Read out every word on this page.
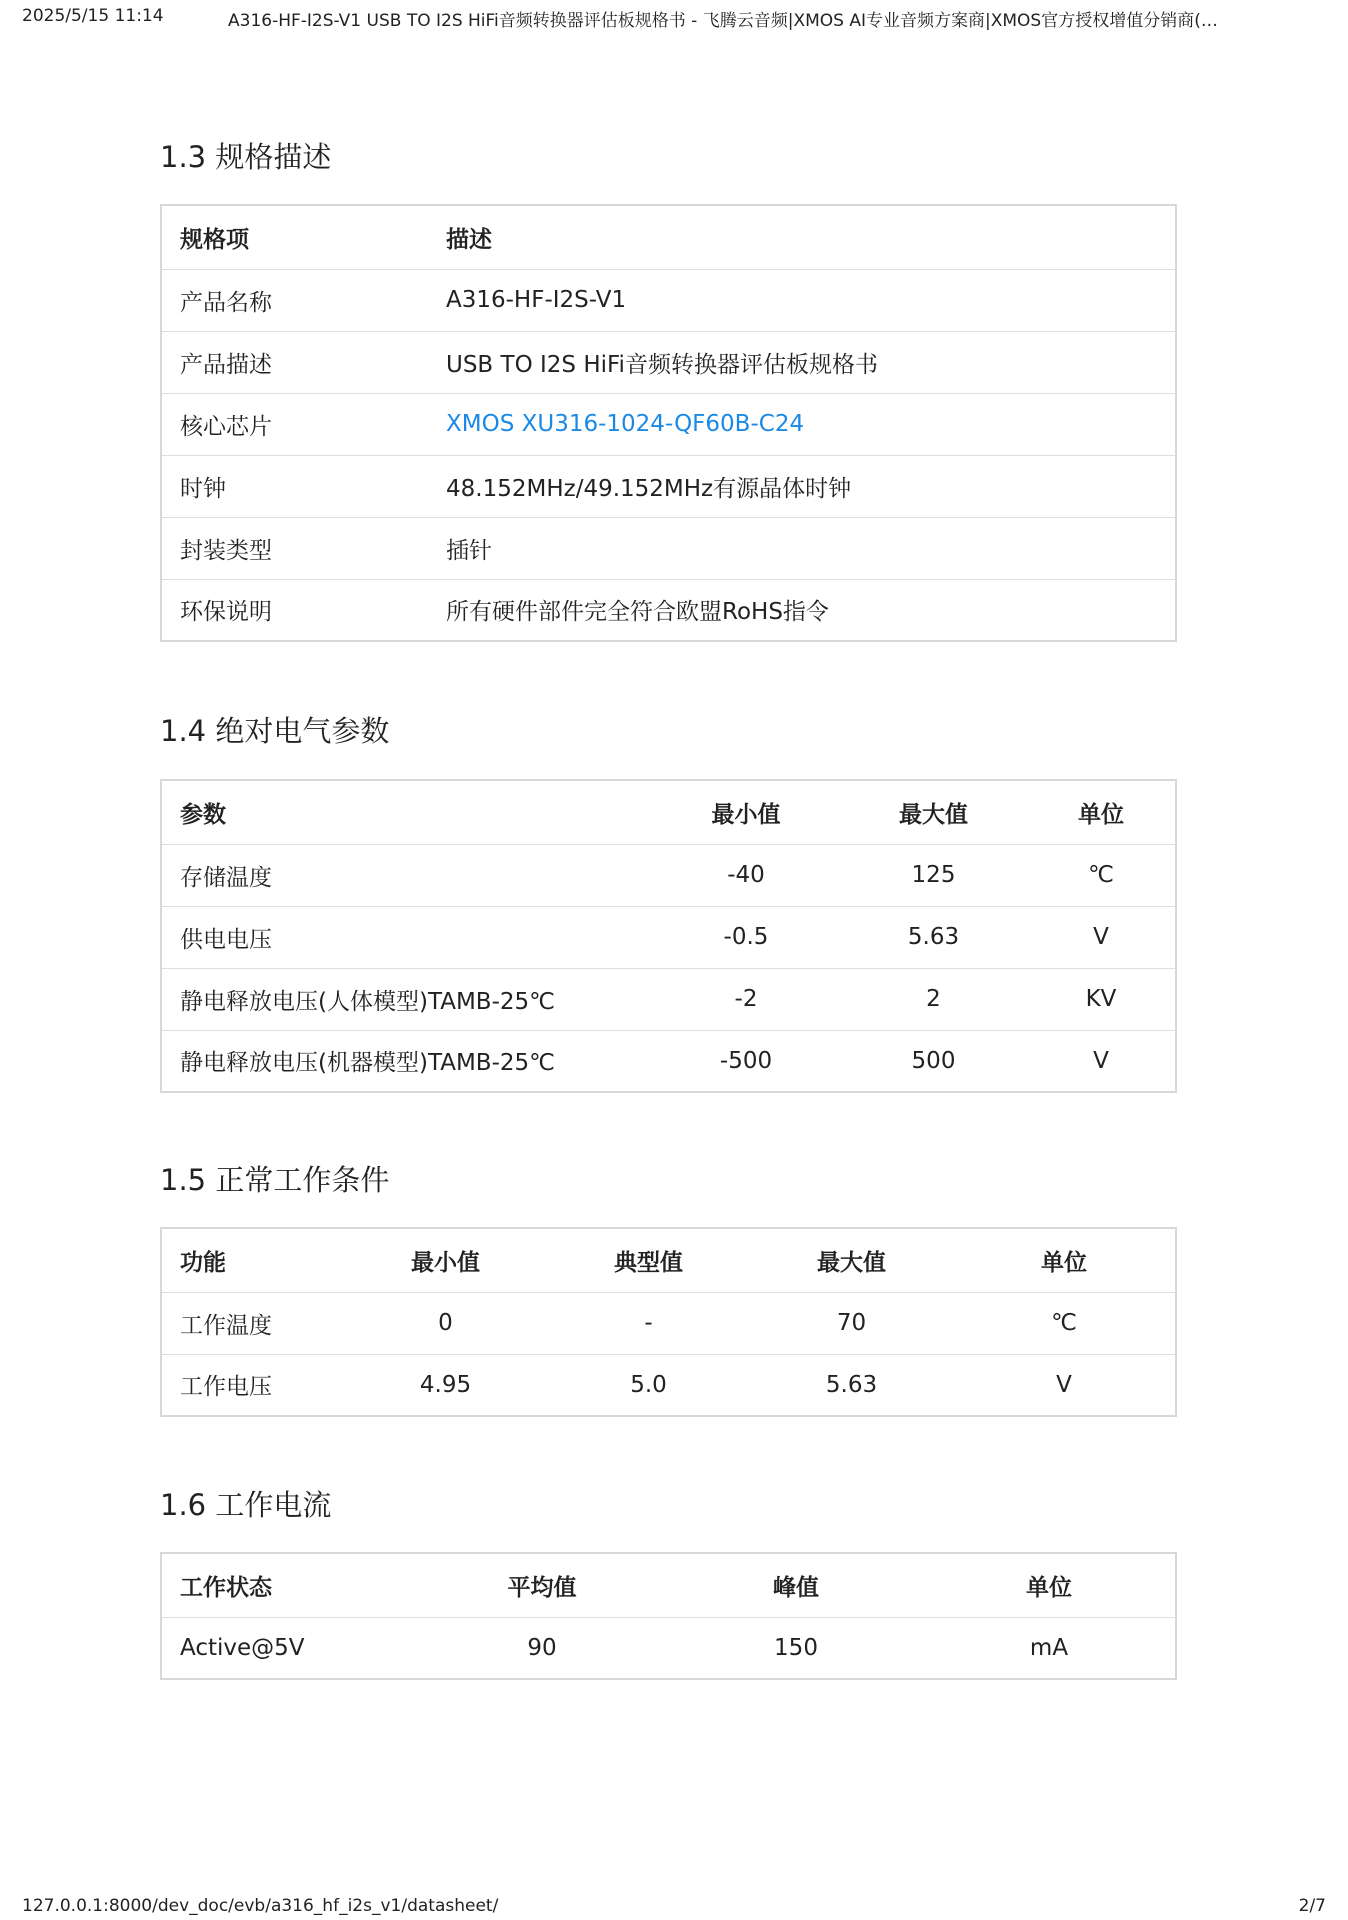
2025/5/15 11:14	A316-HF-I2S-V1 USB TO I2S HiFi音频转换器评估板规格书 - 飞腾云音频|XMOS AI专业音频方案商|XMOS官方授权增值分销商(…
1.3 规格描述
规格项	描述
产品名称	A316-HF-I2S-V1
产品描述	USB TO I2S HiFi音频转换器评估板规格书
核心芯片	XMOS XU316-1024-QF60B-C24
时钟	48.152MHz/49.152MHz有源晶体时钟
封装类型	插针
环保说明	所有硬件部件完全符合欧盟RoHS指令
1.4 绝对电气参数
参数	最小值	最大值	单位
存储温度	-40	125	℃
供电电压	-0.5	5.63	V
静电释放电压(人体模型)TAMB-25℃	-2	2	KV
静电释放电压(机器模型)TAMB-25℃	-500	500	V
1.5 正常工作条件
功能	最小值	典型值	最大值	单位
工作温度	0	-	70	℃
工作电压	4.95	5.0	5.63	V
1.6 工作电流
工作状态	平均值	峰值	单位
Active@5V	90	150	mA
127.0.0.1:8000/dev_doc/evb/a316_hf_i2s_v1/datasheet/	2/7
